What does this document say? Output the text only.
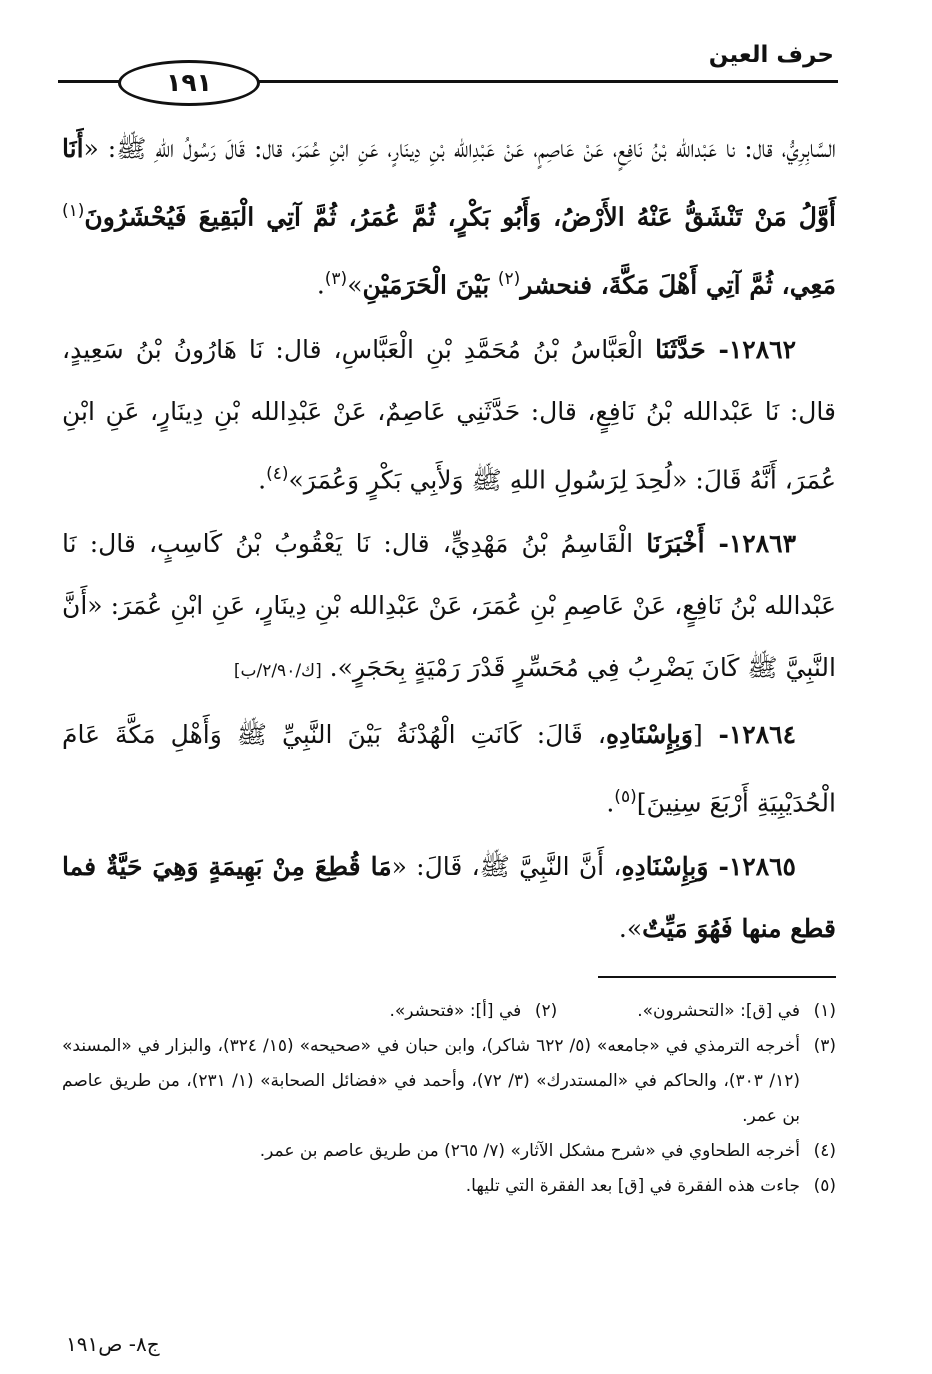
حرف العين
١٩١

السَّابِرِيُّ، قال: نا عَبْدالله بْنُ نَافِعٍ، عَنْ عَاصِمٍ، عَنْ عَبْدِالله بْنِ دِينَارٍ، عَنِ ابْنِ عُمَرَ، قال: قَالَ رَسُولُ اللهِ ﷺ: «أَنَا أَوَّلُ مَنْ تَنْشَقُّ عَنْهُ الأَرْضُ، وَأَبُو بَكْرٍ، ثُمَّ عُمَرُ، ثُمَّ آتِي الْبَقِيعَ فَيُحْشَرُونَ$^{(١)}$ مَعِي، ثُمَّ آتِي أَهْلَ مَكَّةَ، فنحشر$^{(٢)}$ بَيْنَ الْحَرَمَيْنِ»$^{(٣)}$.

١٢٨٦٢- حَدَّثَنَا الْعَبَّاسُ بْنُ مُحَمَّدِ بْنِ الْعَبَّاسِ، قال: نَا هَارُونُ بْنُ سَعِيدٍ، قال: نَا عَبْدالله بْنُ نَافِعٍ، قال: حَدَّثَنِي عَاصِمٌ، عَنْ عَبْدِالله بْنِ دِينَارٍ، عَنِ ابْنِ عُمَرَ، أَنَّهُ قَالَ: «لُحِدَ لِرَسُولِ اللهِ ﷺ وَلأَبِي بَكْرٍ وَعُمَرَ»$^{(٤)}$.

١٢٨٦٣- أَخْبَرَنَا الْقَاسِمُ بْنُ مَهْدِيٍّ، قال: نَا يَعْقُوبُ بْنُ كَاسِبٍ، قال: نَا عَبْدالله بْنُ نَافِعٍ، عَنْ عَاصِمِ بْنِ عُمَرَ، عَنْ عَبْدِالله بْنِ دِينَارٍ، عَنِ ابْنِ عُمَرَ: «أَنَّ النَّبِيَّ ﷺ كَانَ يَضْرِبُ فِي مُحَسِّرٍ قَدْرَ رَمْيَةٍ بِحَجَرٍ». [ك/٢/٩٠/ب]

١٢٨٦٤- [وَبِإِسْنَادِهِ، قَالَ: كَانَتِ الْهُدْنَةُ بَيْنَ النَّبِيِّ ﷺ وَأَهْلِ مَكَّةَ عَامَ الْحُدَيْبِيَةِ أَرْبَعَ سِنِينَ]$^{(٥)}$.

١٢٨٦٥- وَبِإِسْنَادِهِ، أَنَّ النَّبِيَّ ﷺ، قَالَ: «مَا قُطِعَ مِنْ بَهِيمَةٍ وَهِيَ حَيَّةٌ فما قطع منها فَهُوَ مَيِّتٌ».

(١)في [ق]: «التحشرون».

(٢)في [أ]: «فتحشر».

(٣)أخرجه الترمذي في «جامعه» (٥/ ٦٢٢ شاكر)، وابن حبان في «صحيحه» (١٥/ ٣٢٤)، والبزار في «المسند» (١٢/ ٣٠٣)، والحاكم في «المستدرك» (٣/ ٧٢)، وأحمد في «فضائل الصحابة» (١/ ٢٣١)، من طريق عاصم بن عمر.

(٤)أخرجه الطحاوي في «شرح مشكل الآثار» (٧/ ٢٦٥) من طريق عاصم بن عمر.

(٥)جاءت هذه الفقرة في [ق] بعد الفقرة التي تليها.

ج٨- ص١٩١
